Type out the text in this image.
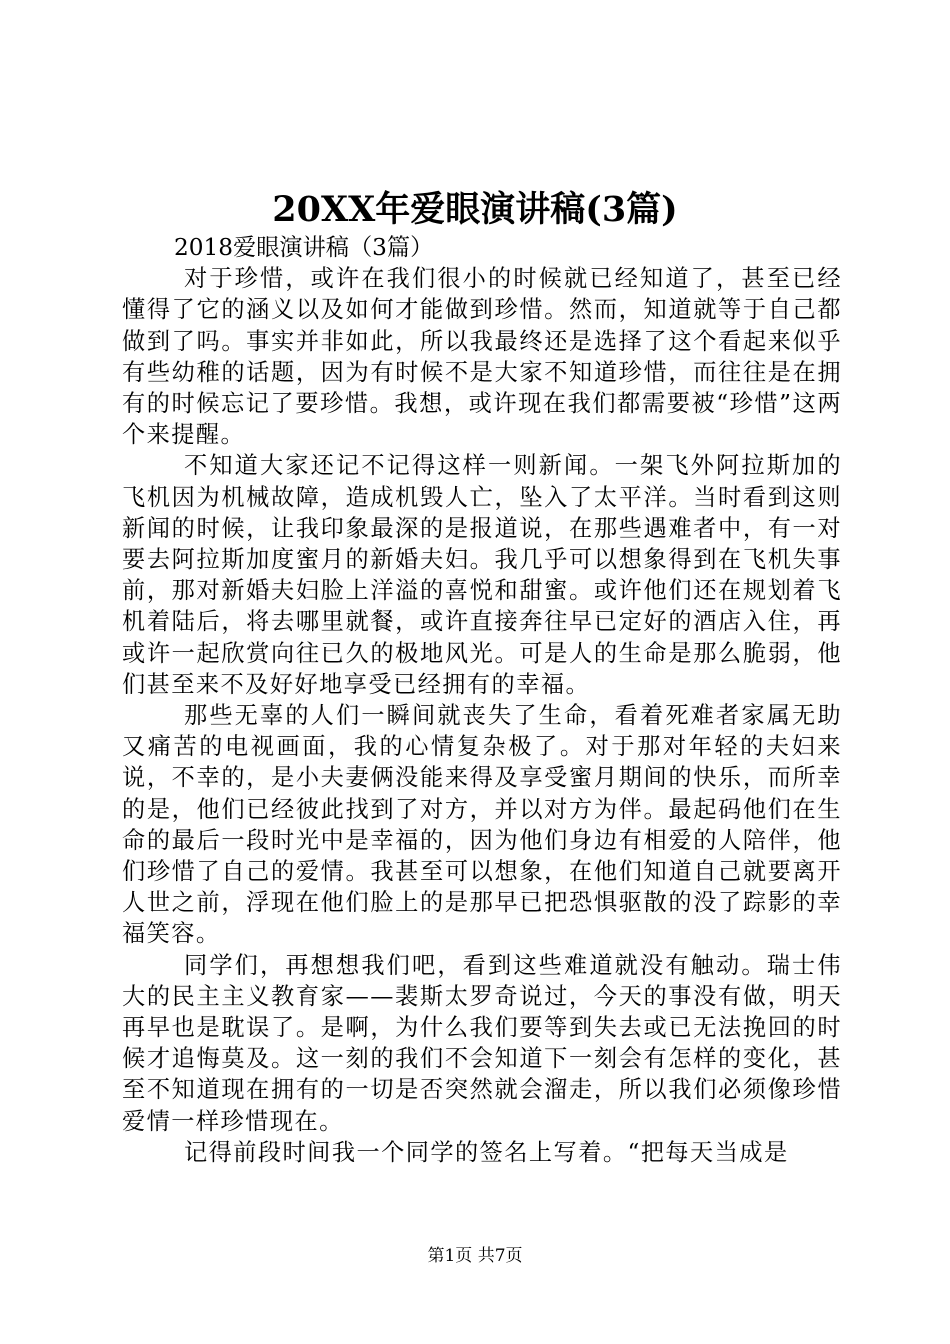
20XX年爱眼演讲稿(3篇)

2018爱眼演讲稿（3篇）

对于珍惜，或许在我们很小的时候就已经知道了，甚至已经懂得了它的涵义以及如何才能做到珍惜。然而，知道就等于自己都做到了吗。事实并非如此，所以我最终还是选择了这个看起来似乎有些幼稚的话题，因为有时候不是大家不知道珍惜，而往往是在拥有的时候忘记了要珍惜。我想，或许现在我们都需要被“珍惜”这两个来提醒。

不知道大家还记不记得这样一则新闻。一架飞外阿拉斯加的飞机因为机械故障，造成机毁人亡，坠入了太平洋。当时看到这则新闻的时候，让我印象最深的是报道说，在那些遇难者中，有一对要去阿拉斯加度蜜月的新婚夫妇。我几乎可以想象得到在飞机失事前，那对新婚夫妇脸上洋溢的喜悦和甜蜜。或许他们还在规划着飞机着陆后，将去哪里就餐，或许直接奔往早已定好的酒店入住，再或许一起欣赏向往已久的极地风光。可是人的生命是那么脆弱，他们甚至来不及好好地享受已经拥有的幸福。

那些无辜的人们一瞬间就丧失了生命，看着死难者家属无助又痛苦的电视画面，我的心情复杂极了。对于那对年轻的夫妇来说，不幸的，是小夫妻俩没能来得及享受蜜月期间的快乐，而所幸的是，他们已经彼此找到了对方，并以对方为伴。最起码他们在生命的最后一段时光中是幸福的，因为他们身边有相爱的人陪伴，他们珍惜了自己的爱情。我甚至可以想象，在他们知道自己就要离开人世之前，浮现在他们脸上的是那早已把恐惧驱散的没了踪影的幸福笑容。

同学们，再想想我们吧，看到这些难道就没有触动。瑞士伟大的民主主义教育家——裴斯太罗奇说过，今天的事没有做，明天再早也是耽误了。是啊，为什么我们要等到失去或已无法挽回的时候才追悔莫及。这一刻的我们不会知道下一刻会有怎样的变化，甚至不知道现在拥有的一切是否突然就会溜走，所以我们必须像珍惜爱情一样珍惜现在。

记得前段时间我一个同学的签名上写着。“把每天当成是

第1页 共7页
